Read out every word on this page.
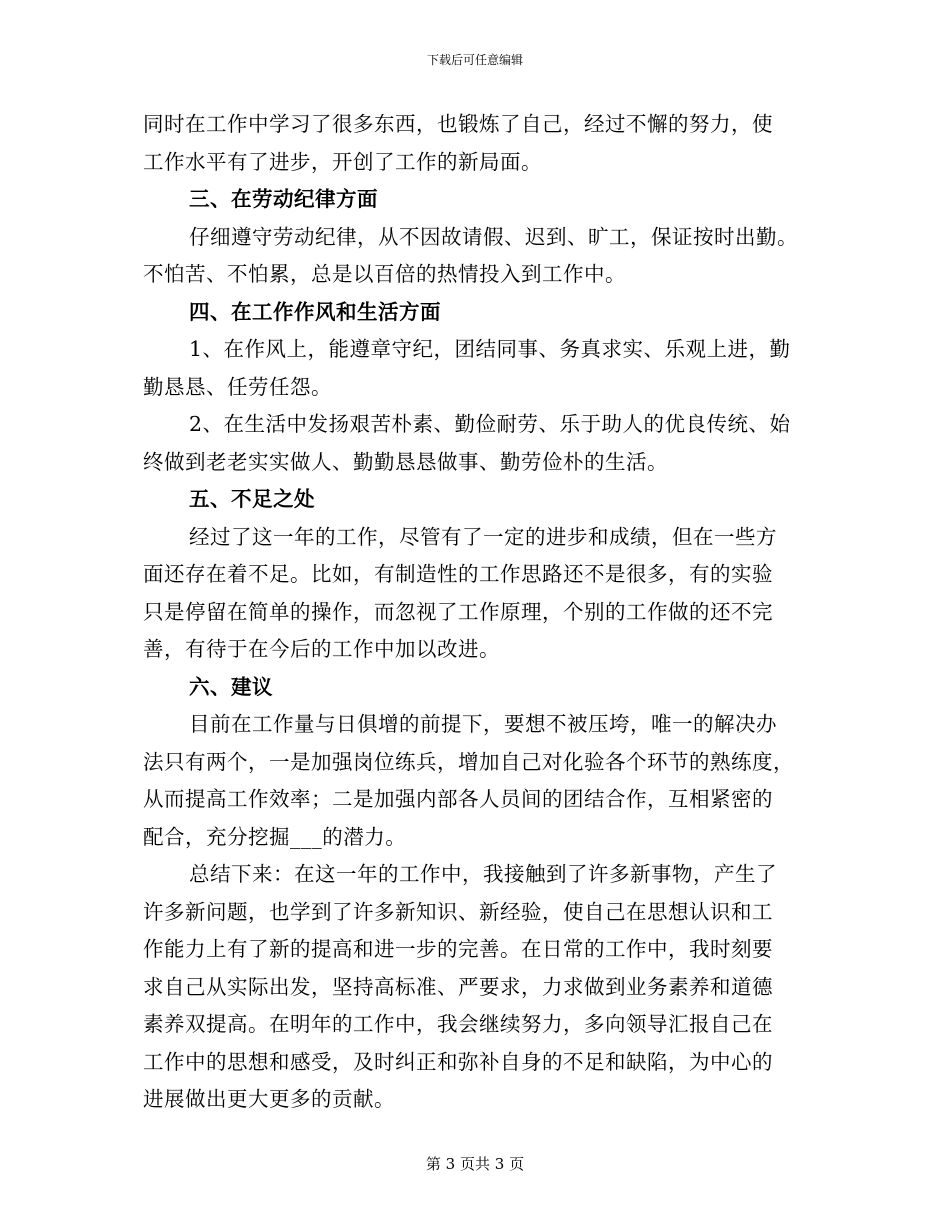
下载后可任意编辑
同时在工作中学习了很多东西，也锻炼了自己，经过不懈的努力，使
工作水平有了进步，开创了工作的新局面。
三、在劳动纪律方面
仔细遵守劳动纪律，从不因故请假、迟到、旷工，保证按时出勤。
不怕苦、不怕累，总是以百倍的热情投入到工作中。
四、在工作作风和生活方面
1、在作风上，能遵章守纪，团结同事、务真求实、乐观上进，勤
勤恳恳、任劳任怨。
2、在生活中发扬艰苦朴素、勤俭耐劳、乐于助人的优良传统、始
终做到老老实实做人、勤勤恳恳做事、勤劳俭朴的生活。
五、不足之处
经过了这一年的工作，尽管有了一定的进步和成绩，但在一些方
面还存在着不足。比如，有制造性的工作思路还不是很多，有的实验
只是停留在简单的操作，而忽视了工作原理，个别的工作做的还不完
善，有待于在今后的工作中加以改进。
六、建议
目前在工作量与日俱增的前提下，要想不被压垮，唯一的解决办
法只有两个，一是加强岗位练兵，增加自己对化验各个环节的熟练度，
从而提高工作效率；二是加强内部各人员间的团结合作，互相紧密的
配合，充分挖掘___的潜力。
总结下来：在这一年的工作中，我接触到了许多新事物，产生了
许多新问题，也学到了许多新知识、新经验，使自己在思想认识和工
作能力上有了新的提高和进一步的完善。在日常的工作中，我时刻要
求自己从实际出发，坚持高标准、严要求，力求做到业务素养和道德
素养双提高。在明年的工作中，我会继续努力，多向领导汇报自己在
工作中的思想和感受，及时纠正和弥补自身的不足和缺陷，为中心的
进展做出更大更多的贡献。
第 3 页共 3 页
